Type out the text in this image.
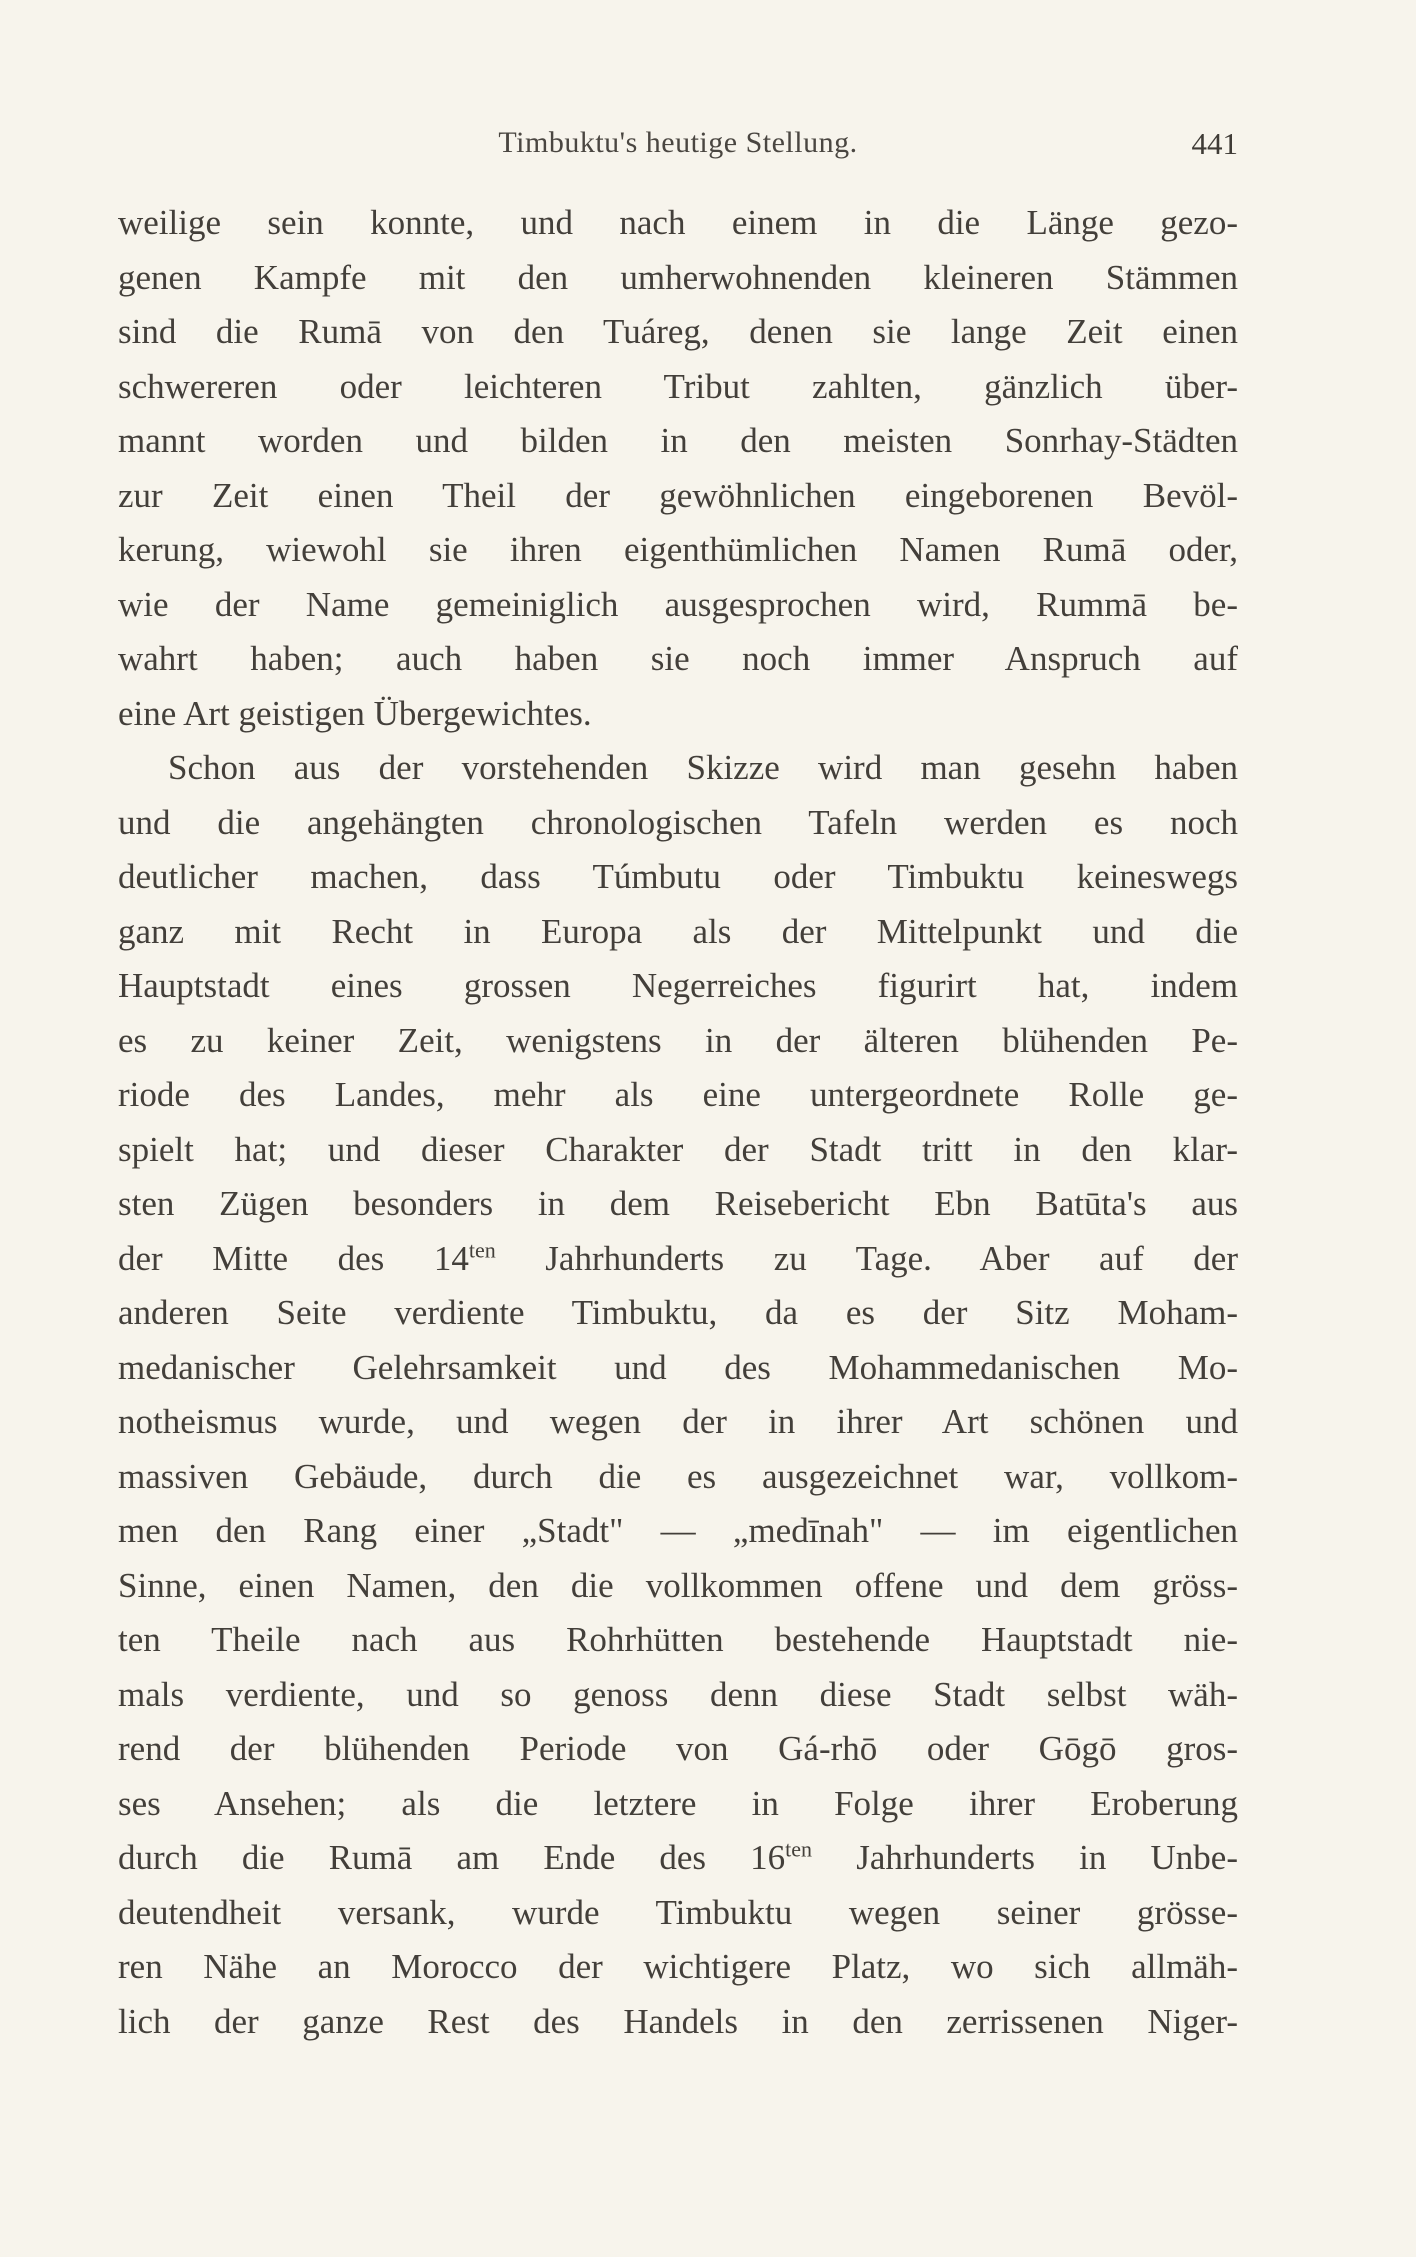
Timbuktu's heutige Stellung.	441
weilige sein konnte, und nach einem in die Länge gezo-
genen Kampfe mit den umherwohnenden kleineren Stämmen
sind die Rumā von den Tuáreg, denen sie lange Zeit einen
schwereren oder leichteren Tribut zahlten, gänzlich über-
mannt worden und bilden in den meisten Sonrhay-Städten
zur Zeit einen Theil der gewöhnlichen eingeborenen Bevöl-
kerung, wiewohl sie ihren eigenthümlichen Namen Rumā oder,
wie der Name gemeiniglich ausgesprochen wird, Rummā be-
wahrt haben; auch haben sie noch immer Anspruch auf
eine Art geistigen Übergewichtes.
Schon aus der vorstehenden Skizze wird man gesehn haben
und die angehängten chronologischen Tafeln werden es noch
deutlicher machen, dass Túmbutu oder Timbuktu keineswegs
ganz mit Recht in Europa als der Mittelpunkt und die
Hauptstadt eines grossen Negerreiches figurirt hat, indem
es zu keiner Zeit, wenigstens in der älteren blühenden Pe-
riode des Landes, mehr als eine untergeordnete Rolle ge-
spielt hat; und dieser Charakter der Stadt tritt in den klar-
sten Zügen besonders in dem Reisebericht Ebn Batūta's aus
der Mitte des $14^{ten}$ Jahrhunderts zu Tage. Aber auf der
anderen Seite verdiente Timbuktu, da es der Sitz Moham-
medanischer Gelehrsamkeit und des Mohammedanischen Mo-
notheismus wurde, und wegen der in ihrer Art schönen und
massiven Gebäude, durch die es ausgezeichnet war, vollkom-
men den Rang einer „Stadt" — „medīnah" — im eigentlichen
Sinne, einen Namen, den die vollkommen offene und dem gröss-
ten Theile nach aus Rohrhütten bestehende Hauptstadt nie-
mals verdiente, und so genoss denn diese Stadt selbst wäh-
rend der blühenden Periode von Gá-rhō oder Gōgō gros-
ses Ansehen; als die letztere in Folge ihrer Eroberung
durch die Rumā am Ende des $16^{ten}$ Jahrhunderts in Unbe-
deutendheit versank, wurde Timbuktu wegen seiner grösse-
ren Nähe an Morocco der wichtigere Platz, wo sich allmäh-
lich der ganze Rest des Handels in den zerrissenen Niger-
